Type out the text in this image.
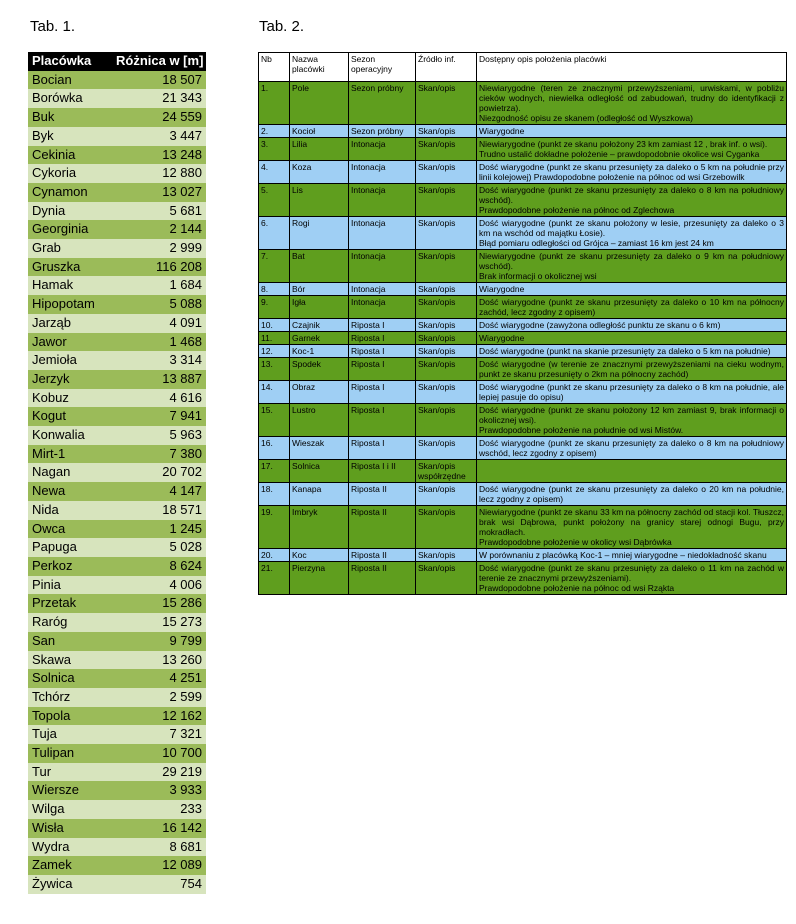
Tab. 1.	Tab. 2.
Placówka	Różnica w [m]
Bocian	18 507
Borówka	21 343
Buk	24 559
Byk	3 447
Cekinia	13 248
Cykoria	12 880
Cynamon	13 027
Dynia	5 681
Georginia	2 144
Grab	2 999
Gruszka	116 208
Hamak	1 684
Hipopotam	5 088
Jarząb	4 091
Jawor	1 468
Jemioła	3 314
Jerzyk	13 887
Kobuz	4 616
Kogut	7 941
Konwalia	5 963
Mirt-1	7 380
Nagan	20 702
Newa	4 147
Nida	18 571
Owca	1 245
Papuga	5 028
Perkoz	8 624
Pinia	4 006
Przetak	15 286
Raróg	15 273
San	9 799
Skawa	13 260
Solnica	4 251
Tchórz	2 599
Topola	12 162
Tuja	7 321
Tulipan	10 700
Tur	29 219
Wiersze	3 933
Wilga	233
Wisła	16 142
Wydra	8 681
Zamek	12 089
Żywica	754
Nb	Nazwa placówki	Sezon operacyjny	Źródło inf.	Dostępny opis położenia placówki
1.	Pole	Sezon próbny	Skan/opis	Niewiarygodne (teren ze znacznymi przewyższeniami, urwiskami, w pobliżu cieków wodnych, niewielka odległość od zabudowań, trudny do identyfikacji z powietrza).
Niezgodność opisu ze skanem (odległość od Wyszkowa)

2.	Kocioł	Sezon próbny	Skan/opis	Wiarygodne

3.	Lilia	Intonacja	Skan/opis	Niewiarygodne (punkt ze skanu położony 23 km zamiast 12 , brak inf. o wsi).
Trudno ustalić dokładne położenie – prawdopodobnie okolice wsi Cyganka

4.	Koza	Intonacja	Skan/opis	Dość wiarygodne (punkt ze skanu przesunięty za daleko o 5 km na południe przy linii kolejowej) Prawdopodobne położenie na północ od wsi Grzebowilk

5.	Lis	Intonacja	Skan/opis	Dość wiarygodne (punkt ze skanu przesunięty za daleko o 8 km na południowy wschód).
Prawdopodobne położenie na północ od Zglechowa

6.	Rogi	Intonacja	Skan/opis	Dość wiarygodne (punkt ze skanu położony w lesie, przesunięty za daleko o 3 km na wschód od majątku Łosie).
Błąd pomiaru odległości od Grójca – zamiast 16 km jest 24 km

7.	Bat	Intonacja	Skan/opis	Niewiarygodne (punkt ze skanu przesunięty za daleko o 9 km na południowy wschód).
Brak informacji o okolicznej wsi

8.	Bór	Intonacja	Skan/opis	Wiarygodne

9.	Igła	Intonacja	Skan/opis	Dość wiarygodne (punkt ze skanu przesunięty za daleko o 10 km na północny zachód, lecz zgodny z opisem)

10.	Czajnik	Riposta I	Skan/opis	Dość wiarygodne (zawyżona odległość punktu ze skanu o 6 km)

11.	Garnek	Riposta I	Skan/opis	Wiarygodne

12.	Koc-1	Riposta I	Skan/opis	Dość wiarygodne (punkt na skanie przesunięty za daleko o 5 km na południe)

13.	Spodek	Riposta I	Skan/opis	Dość wiarygodne (w terenie ze znacznymi przewyższeniami na cieku wodnym, punkt ze skanu przesunięty o 2km na północny zachód)

14.	Obraz	Riposta I	Skan/opis	Dość wiarygodne (punkt ze skanu przesunięty za daleko o 8 km na południe, ale lepiej pasuje do opisu)

15.	Lustro	Riposta I	Skan/opis	Dość wiarygodne (punkt ze skanu położony 12 km zamiast 9, brak informacji o okolicznej wsi).
Prawdopodobne położenie na południe od wsi Mistów.

16.	Wieszak	Riposta I	Skan/opis	Dość wiarygodne (punkt ze skanu przesunięty za daleko o 8 km na południowy wschód, lecz zgodny z opisem)

17.	Solnica	Riposta I i II	Skan/opis współrzędne	

18.	Kanapa	Riposta II	Skan/opis	Dość wiarygodne (punkt ze skanu przesunięty za daleko o 20 km na południe, lecz zgodny z opisem)

19.	Imbryk	Riposta II	Skan/opis	Niewiarygodne (punkt ze skanu 33 km na północny zachód od stacji kol. Tłuszcz, brak wsi Dąbrowa, punkt położony na granicy starej odnogi Bugu, przy mokradłach.
Prawdopodobne położenie w okolicy wsi Dąbrówka

20.	Koc	Riposta II	Skan/opis	W porównaniu z placówką Koc-1 – mniej wiarygodne – niedokładność skanu

21.	Pierzyna	Riposta II	Skan/opis	Dość wiarygodne (punkt ze skanu przesunięty za daleko o 11 km na zachód w terenie ze znacznymi przewyższeniami).
Prawdopodobne położenie na północ od wsi Rząkta
